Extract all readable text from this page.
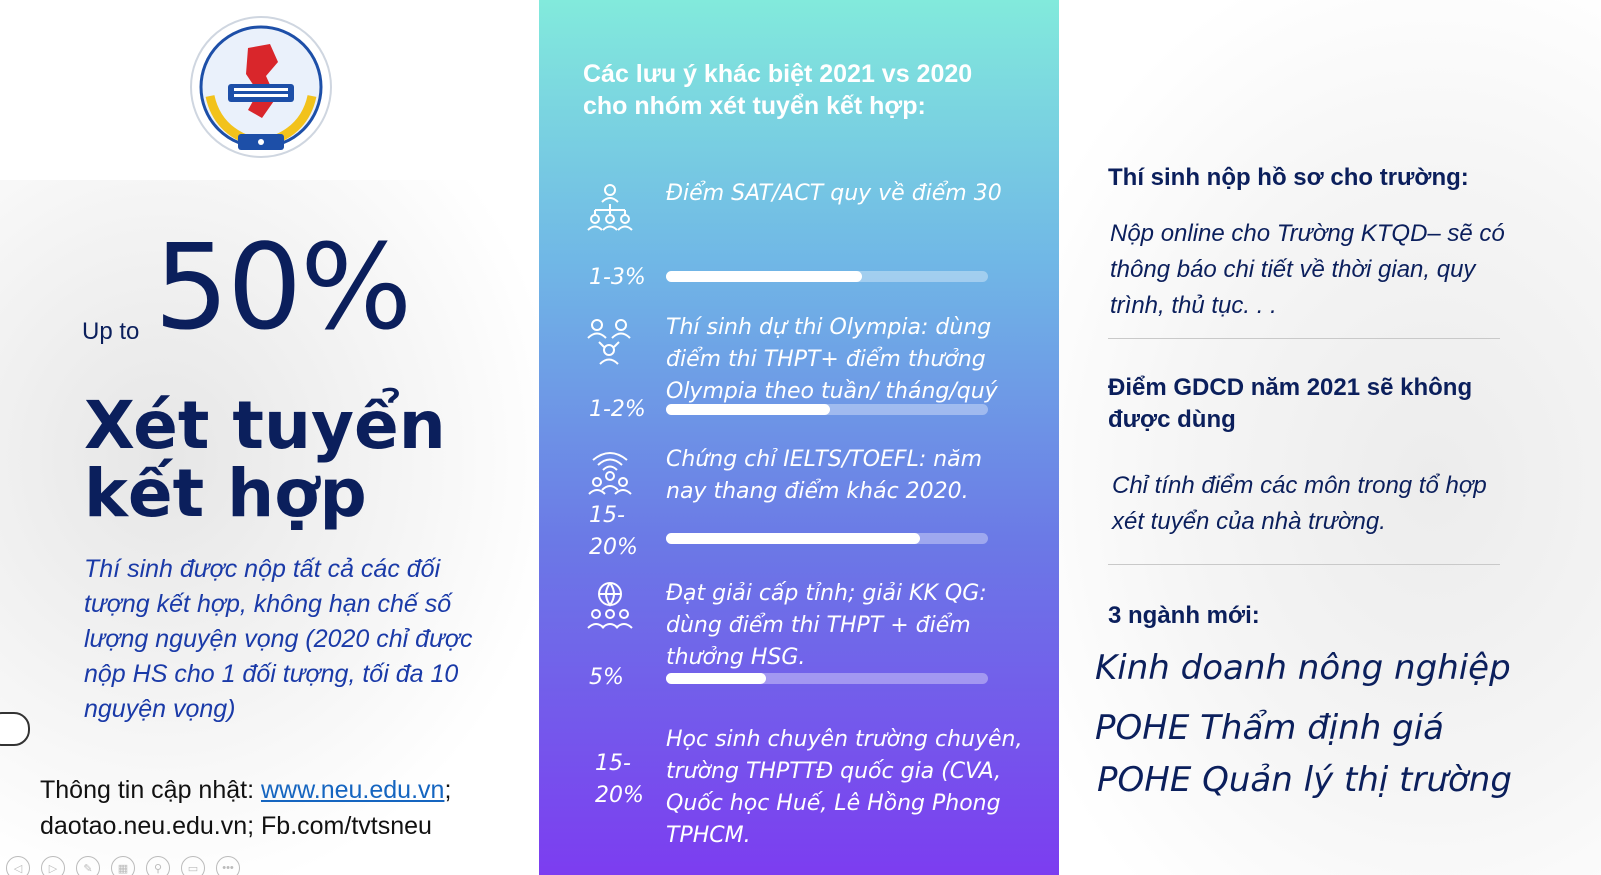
Up to 50%
Xét tuyển
kết hợp
Thí sinh được nộp tất cả các đối tượng kết hợp, không hạn chế số lượng nguyện vọng (2020 chỉ được nộp HS cho 1 đối tượng, tối đa 10 nguyện vọng)
Thông tin cập nhật: www.neu.edu.vn;
daotao.neu.edu.vn; Fb.com/tvtsneu
◁	▷	✎	▦	⚲	▭	•••
Các lưu ý khác biệt 2021 vs 2020 cho nhóm xét tuyển kết hợp:
Điểm SAT/ACT quy về điểm 30
1-3%
Thí sinh dự thi Olympia: dùng điểm thi THPT+ điểm thưởng Olympia theo tuần/ tháng/quý
1-2%
Chứng chỉ IELTS/TOEFL: năm nay thang điểm khác 2020.
15-20%
Đạt giải cấp tỉnh; giải KK QG: dùng điểm thi THPT + điểm thưởng HSG.
5%
Học sinh chuyên trường chuyên, trường THPTTĐ quốc gia (CVA, Quốc học Huế, Lê Hồng Phong TPHCM.
15-20%
Thí sinh nộp hồ sơ cho trường:
Nộp online cho Trường KTQD– sẽ có thông báo chi tiết về thời gian, quy trình, thủ tục. . .
Điểm GDCD năm 2021 sẽ không được dùng
Chỉ tính điểm các môn trong tổ hợp xét tuyển của nhà trường.
3 ngành mới:
Kinh doanh nông nghiệp
POHE Thẩm định giá
POHE Quản lý thị trường
